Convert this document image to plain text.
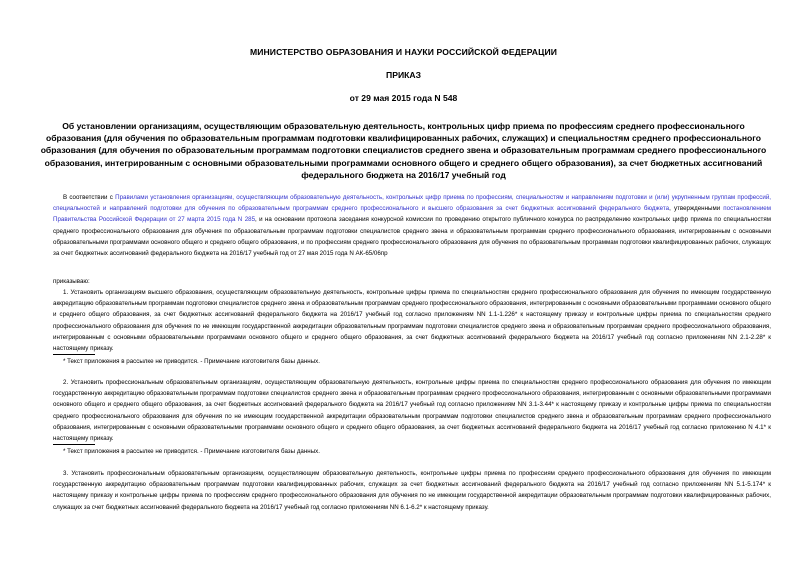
МИНИСТЕРСТВО ОБРАЗОВАНИЯ И НАУКИ РОССИЙСКОЙ ФЕДЕРАЦИИ
ПРИКАЗ
от 29 мая 2015 года N 548
Об установлении организациям, осуществляющим образовательную деятельность, контрольных цифр приема по профессиям среднего профессионального образования (для обучения по образовательным программам подготовки квалифицированных рабочих, служащих) и специальностям среднего профессионального образования (для обучения по образовательным программам подготовки специалистов среднего звена и образовательным программам среднего профессионального образования, интегрированным с основными образовательными программами основного общего и среднего общего образования), за счет бюджетных ассигнований федерального бюджета на 2016/17 учебный год
В соответствии с Правилами установления организациям, осуществляющим образовательную деятельность, контрольных цифр приема по профессиям, специальностям и направлениям подготовки и (или) укрупненным группам профессий, специальностей и направлений подготовки для обучения по образовательным программам среднего профессионального и высшего образования за счет бюджетных ассигнований федерального бюджета, утвержденными постановлением Правительства Российской Федерации от 27 марта 2015 года N 285, и на основании протокола заседания конкурсной комиссии по проведению открытого публичного конкурса по распределению контрольных цифр приема по специальностям среднего профессионального образования для обучения по образовательным программам подготовки специалистов среднего звена и образовательным программам среднего профессионального образования, интегрированным с основными образовательными программами основного общего и среднего общего образования, и по профессиям среднего профессионального образования для обучения по образовательным программам подготовки квалифицированных рабочих, служащих за счет бюджетных ассигнований федерального бюджета на 2016/17 учебный год от 27 мая 2015 года N АК-65/06пр
приказываю:
1. Установить организациям высшего образования, осуществляющим образовательную деятельность, контрольные цифры приема по специальностям среднего профессионального образования для обучения по имеющим государственную аккредитацию образовательным программам подготовки специалистов среднего звена и образовательным программам среднего профессионального образования, интегрированным с основными образовательными программами основного общего и среднего общего образования, за счет бюджетных ассигнований федерального бюджета на 2016/17 учебный год согласно приложениям NN 1.1-1.226* к настоящему приказу и контрольные цифры приема по специальностям среднего профессионального образования для обучения по не имеющим государственной аккредитации образовательным программам подготовки специалистов среднего звена и образовательным программам среднего профессионального образования, интегрированным с основными образовательными программами основного общего и среднего общего образования, за счет бюджетных ассигнований федерального бюджета на 2016/17 учебный год согласно приложениям NN 2.1-2.28* к настоящему приказу.
* Текст приложения в рассылке не приводится. - Примечание изготовителя базы данных.
2. Установить профессиональным образовательным организациям, осуществляющим образовательную деятельность, контрольные цифры приема по специальностям среднего профессионального образования для обучения по имеющим государственную аккредитацию образовательным программам подготовки специалистов среднего звена и образовательным программам среднего профессионального образования, интегрированным с основными образовательными программами основного общего и среднего общего образования, за счет бюджетных ассигнований федерального бюджета на 2016/17 учебный год согласно приложениям NN 3.1-3.44* к настоящему приказу и контрольные цифры приема по специальностям среднего профессионального образования для обучения по не имеющим государственной аккредитации образовательным программам подготовки специалистов среднего звена и образовательным программам среднего профессионального образования, интегрированным с основными образовательными программами основного общего и среднего общего образования, за счет бюджетных ассигнований федерального бюджета на 2016/17 учебный год согласно приложению N 4.1* к настоящему приказу.
* Текст приложения в рассылке не приводится. - Примечание изготовителя базы данных.
3. Установить профессиональным образовательным организациям, осуществляющим образовательную деятельность, контрольные цифры приема по профессиям среднего профессионального образования для обучения по имеющим государственную аккредитацию образовательным программам подготовки квалифицированных рабочих, служащих за счет бюджетных ассигнований федерального бюджета на 2016/17 учебный год согласно приложениям NN 5.1-5.174* к настоящему приказу и контрольные цифры приема по профессиям среднего профессионального образования для обучения по не имеющим государственной аккредитации образовательным программам подготовки квалифицированных рабочих, служащих за счет бюджетных ассигнований федерального бюджета на 2016/17 учебный год согласно приложениям NN 6.1-6.2* к настоящему приказу.
